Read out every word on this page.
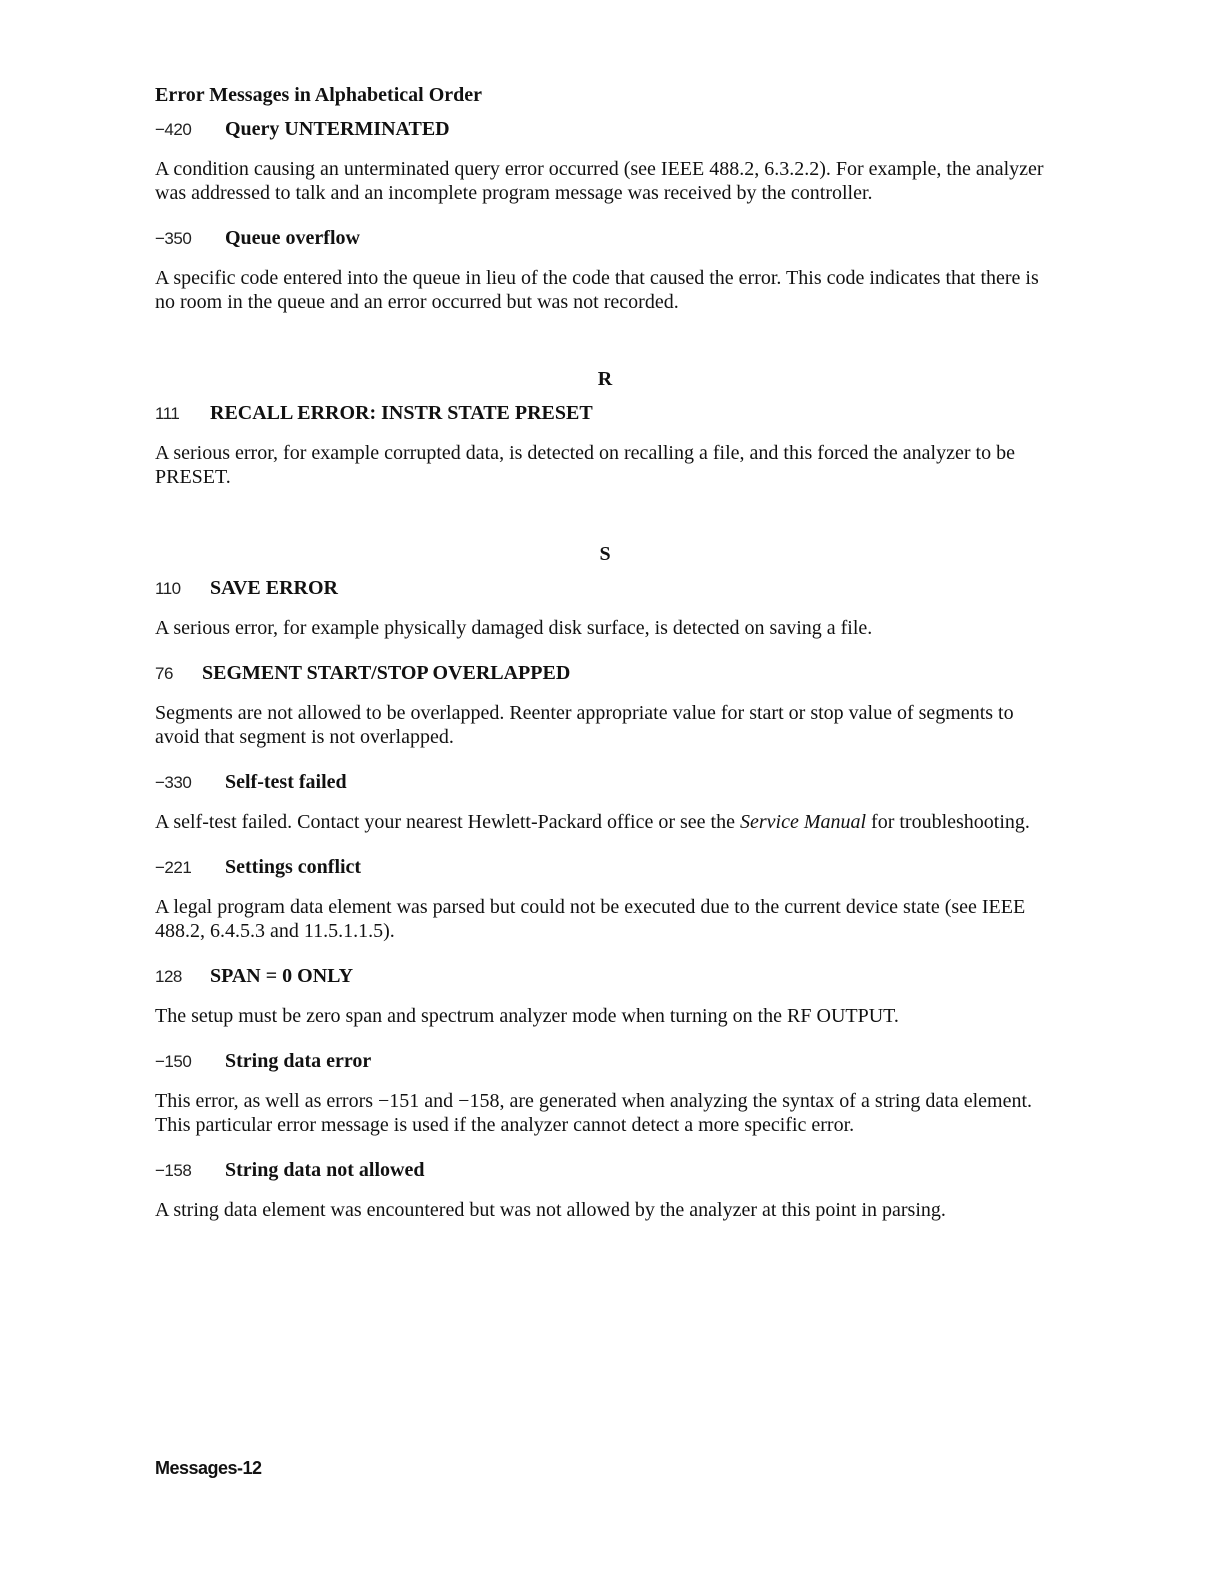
Error Messages in Alphabetical Order
−420	Query UNTERMINATED
A condition causing an unterminated query error occurred (see IEEE 488.2, 6.3.2.2). For example, the analyzer was addressed to talk and an incomplete program message was received by the controller.
−350	Queue overflow
A specific code entered into the queue in lieu of the code that caused the error. This code indicates that there is no room in the queue and an error occurred but was not recorded.
R
111	RECALL ERROR: INSTR STATE PRESET
A serious error, for example corrupted data, is detected on recalling a file, and this forced the analyzer to be PRESET.
S
110	SAVE ERROR
A serious error, for example physically damaged disk surface, is detected on saving a file.
76	SEGMENT START/STOP OVERLAPPED
Segments are not allowed to be overlapped. Reenter appropriate value for start or stop value of segments to avoid that segment is not overlapped.
−330	Self-test failed
A self-test failed. Contact your nearest Hewlett-Packard office or see the Service Manual for troubleshooting.
−221	Settings conflict
A legal program data element was parsed but could not be executed due to the current device state (see IEEE 488.2, 6.4.5.3 and 11.5.1.1.5).
128	SPAN = 0 ONLY
The setup must be zero span and spectrum analyzer mode when turning on the RF OUTPUT.
−150	String data error
This error, as well as errors −151 and −158, are generated when analyzing the syntax of a string data element. This particular error message is used if the analyzer cannot detect a more specific error.
−158	String data not allowed
A string data element was encountered but was not allowed by the analyzer at this point in parsing.
Messages-12
